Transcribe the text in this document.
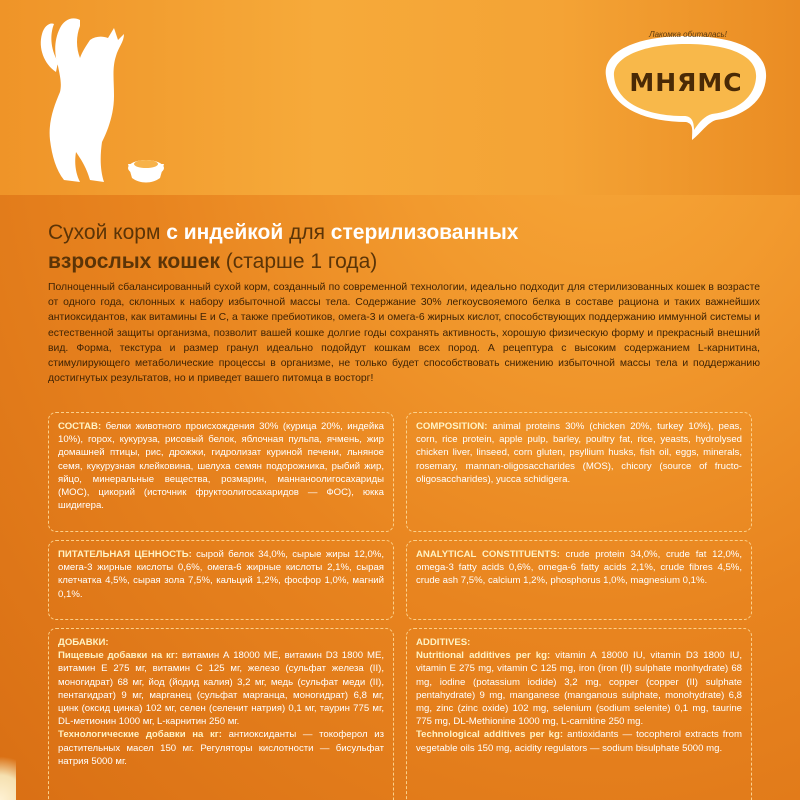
Лакомка обиталась!
МНЯМС
Сухой корм с индейкой для стерилизованных
взрослых кошек (старше 1 года)
Полноценный сбалансированный сухой корм, созданный по современной технологии, идеально подходит для стерилизованных кошек в возрасте от одного года, склонных к набору избыточной массы тела. Содержание 30% легкоусвояемого белка в составе рациона и таких важнейших антиоксидантов, как витамины E и C, а также пребиотиков, омега-3 и омега-6 жирных кислот, способствующих поддержанию иммунной системы и естественной защиты организма, позволит вашей кошке долгие годы сохранять активность, хорошую физическую форму и прекрасный внешний вид. Форма, текстура и размер гранул идеально подойдут кошкам всех пород. А рецептура с высоким содержанием L-карнитина, стимулирующего метаболические процессы в организме, не только будет способствовать снижению избыточной массы тела и поддержанию достигнутых результатов, но и приведет вашего питомца в восторг!
СОСТАВ: белки животного происхождения 30% (курица 20%, индейка 10%), горох, кукуруза, рисовый белок, яблочная пульпа, ячмень, жир домашней птицы, рис, дрожжи, гидролизат куриной печени, льняное семя, кукурузная клейковина, шелуха семян подорожника, рыбий жир, яйцо, минеральные вещества, розмарин, маннаноолигосахариды (МОС), цикорий (источник фруктоолигосахаридов — ФОС), юкка шидигера.
COMPOSITION: animal proteins 30% (chicken 20%, turkey 10%), peas, corn, rice protein, apple pulp, barley, poultry fat, rice, yeasts, hydrolysed chicken liver, linseed, corn gluten, psyllium husks, fish oil, eggs, minerals, rosemary, mannan-oligosaccharides (MOS), chicory (source of fructo-oligosaccharides), yucca schidigera.
ПИТАТЕЛЬНАЯ ЦЕННОСТЬ: сырой белок 34,0%, сырые жиры 12,0%, омега-3 жирные кислоты 0,6%, омега-6 жирные кислоты 2,1%, сырая клетчатка 4,5%, сырая зола 7,5%, кальций 1,2%, фосфор 1,0%, магний 0,1%.
ANALYTICAL CONSTITUENTS: crude protein 34,0%, crude fat 12,0%, omega-3 fatty acids 0,6%, omega-6 fatty acids 2,1%, crude fibres 4,5%, crude ash 7,5%, calcium 1,2%, phosphorus 1,0%, magnesium 0,1%.
ДОБАВКИ:
Пищевые добавки на кг: витамин А 18000 МЕ, витамин D3 1800 МЕ, витамин Е 275 мг, витамин С 125 мг, железо (сульфат железа (II), моногидрат) 68 мг, йод (йодид калия) 3,2 мг, медь (сульфат меди (II), пентагидрат) 9 мг, марганец (сульфат марганца, моногидрат) 6,8 мг, цинк (оксид цинка) 102 мг, селен (селенит натрия) 0,1 мг, таурин 775 мг, DL-метионин 1000 мг, L-карнитин 250 мг.
Технологические добавки на кг: антиоксиданты — токоферол из растительных масел 150 мг. Регуляторы кислотности — бисульфат натрия 5000 мг.
ADDITIVES:
Nutritional additives per kg: vitamin A 18000 IU, vitamin D3 1800 IU, vitamin E 275 mg, vitamin C 125 mg, iron (iron (II) sulphate monhydrate) 68 mg, iodine (potassium iodide) 3,2 mg, copper (copper (II) sulphate pentahydrate) 9 mg, manganese (manganous sulphate, monohydrate) 6,8 mg, zinc (zinc oxide) 102 mg, selenium (sodium selenite) 0,1 mg, taurine 775 mg, DL-Methionine 1000 mg, L-carnitine 250 mg.
Technological additives per kg: antioxidants — tocopherol extracts from vegetable oils 150 mg, acidity regulators — sodium bisulphate 5000 mg.
